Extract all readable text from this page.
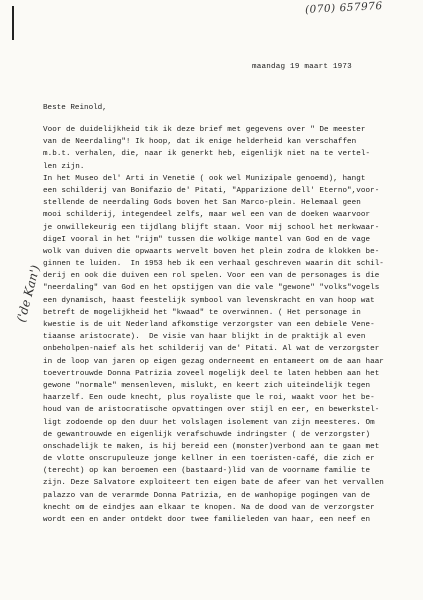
(070) 657976
('de Kan')
maandag 19 maart 1973
Beste Reinold,
Voor de duidelijkheid tik ik deze brief met gegevens over " De meester
van de Neerdaling"! Ik hoop, dat ik enige helderheid kan verschaffen
m.b.t. verhalen, die, naar ik generkt heb, eigenlijk niet na te vertel-
len zijn.
In het Museo del' Arti in Venetië ( ook wel Munizipale genoemd), hangt
een schilderij van Bonifazio de' Pitati, "Apparizione dell' Eterno",voor-
stellende de neerdaling Gods boven het San Marco-plein. Helemaal geen
mooi schilderij, integendeel zelfs, maar wel een van de doeken waarvoor
je onwillekeurig een tijdlang blijft staan. Voor mij school het merkwaar-
digeI vooral in het "rijm" tussen die wolkige mantel van God en de vage
wolk van duiven die opwaarts wervelt boven het plein zodra de klokken be-
ginnen te luiden.  In 1953 heb ik een verhaal geschreven waarin dit schil-
derij en ook die duiven een rol spelen. Voor een van de personages is die
"neerdaling" van God en het opstijgen van die vale "gewone" "volks"vogels
een dynamisch, haast feestelijk symbool van levenskracht en van hoop wat
betreft de mogelijkheid het "kwaad" te overwinnen. ( Het personage in
kwestie is de uit Nederland afkomstige verzorgster van een debiele Vene-
tiaanse aristocrate).  De visie van haar blijkt in de praktijk al even
onbeholpen-naief als het schilderij van de' Pitati. Al wat de verzorgster
in de loop van jaren op eigen gezag onderneemt en entameert om de aan haar
toevertrouwde Donna Patrizia zoveel mogelijk deel te laten hebben aan het
gewone "normale" mensenleven, mislukt, en keert zich uiteindelijk tegen
haarzelf. Een oude knecht, plus royaliste que le roi, waakt voor het be-
houd van de aristocratische opvattingen over stijl en eer, en bewerkstel-
ligt zodoende op den duur het volslagen isolement van zijn meesteres. Om
de gewantrouwde en eigenlijk verafschuwde indringster ( de verzorgster)
onschadelijk te maken, is hij bereid een (monster)verbond aan te gaan met
de vlotte onscrupuleuze jonge kellner in een toeristen-café, die zich er
(terecht) op kan beroemen een (bastaard-)lid van de voorname familie te
zijn. Deze Salvatore exploiteert ten eigen bate de afeer van het vervallen
palazzo van de verarmde Donna Patrizia, en de wanhopige pogingen van de
knecht om de eindjes aan elkaar te knopen. Na de dood van de verzorgster
wordt een en ander ontdekt door twee familieleden van haar, een neef en
